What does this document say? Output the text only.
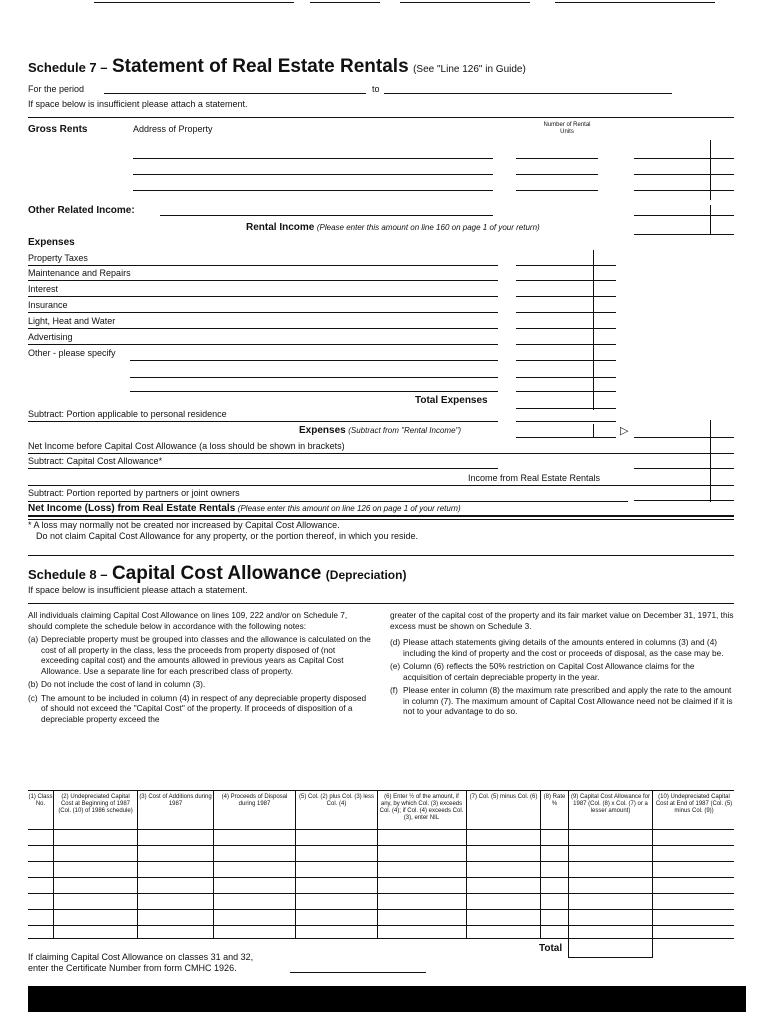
Schedule 7 – Statement of Real Estate Rentals (See "Line 126" in Guide)
For the period	to
If space below is insufficient please attach a statement.
Gross Rents	Address of Property	Number of Rental Units
Other Related Income:
Rental Income (Please enter this amount on line 160 on page 1 of your return)
Expenses
Property Taxes
Maintenance and Repairs
Interest
Insurance
Light, Heat and Water
Advertising
Other - please specify
Total Expenses
Subtract: Portion applicable to personal residence
Expenses (Subtract from "Rental Income")	▷
Net Income before Capital Cost Allowance (a loss should be shown in brackets)
Subtract: Capital Cost Allowance*
Income from Real Estate Rentals
Subtract: Portion reported by partners or joint owners
Net Income (Loss) from Real Estate Rentals (Please enter this amount on line 126 on page 1 of your return)
* A loss may normally not be created nor increased by Capital Cost Allowance.
Do not claim Capital Cost Allowance for any property, or the portion thereof, in which you reside.
Schedule 8 – Capital Cost Allowance (Depreciation)
If space below is insufficient please attach a statement.

All individuals claiming Capital Cost Allowance on lines 109, 222 and/or on Schedule 7, should complete the schedule below in accordance with the following notes:

(a) Depreciable property must be grouped into classes and the allowance is calculated on the cost of all property in the class, less the proceeds from property disposed of (not exceeding capital cost) and the amounts allowed in previous years as Capital Cost Allowance. Use a separate line for each prescribed class of property.
(b) Do not include the cost of land in column (3).
(c) The amount to be included in column (4) in respect of any depreciable property disposed of should not exceed the "Capital Cost" of the property. If proceeds of disposition of a depreciable property exceed the

greater of the capital cost of the property and its fair market value on December 31, 1971, this excess must be shown on Schedule 3.

(d) Please attach statements giving details of the amounts entered in columns (3) and (4) including the kind of property and the cost or proceeds of disposal, as the case may be.
(e) Column (6) reflects the 50% restriction on Capital Cost Allowance claims for the acquisition of certain depreciable property in the year.
(f) Please enter in column (8) the maximum rate prescribed and apply the rate to the amount in column (7). The maximum amount of Capital Cost Allowance need not be claimed if it is not to your advantage to do so.
(1) Class No.
(2) Undepreciated Capital Cost at Beginning of 1987 (Col. (10) of 1986 schedule)
(3) Cost of Additions during 1987
(4) Proceeds of Disposal during 1987
(5) Col. (2) plus Col. (3) less Col. (4)
(6) Enter ½ of the amount, if any, by which Col. (3) exceeds Col. (4); if Col. (4) exceeds Col. (3), enter NIL
(7) Col. (5) minus Col. (6)	(8) Rate %
(9) Capital Cost Allowance for 1987 (Col. (8) x Col. (7) or a lesser amount)
(10) Undepreciated Capital Cost at End of 1987 (Col. (5) minus Col. (9))
Total
If claiming Capital Cost Allowance on classes 31 and 32,
enter the Certificate Number from form CMHC 1926.
